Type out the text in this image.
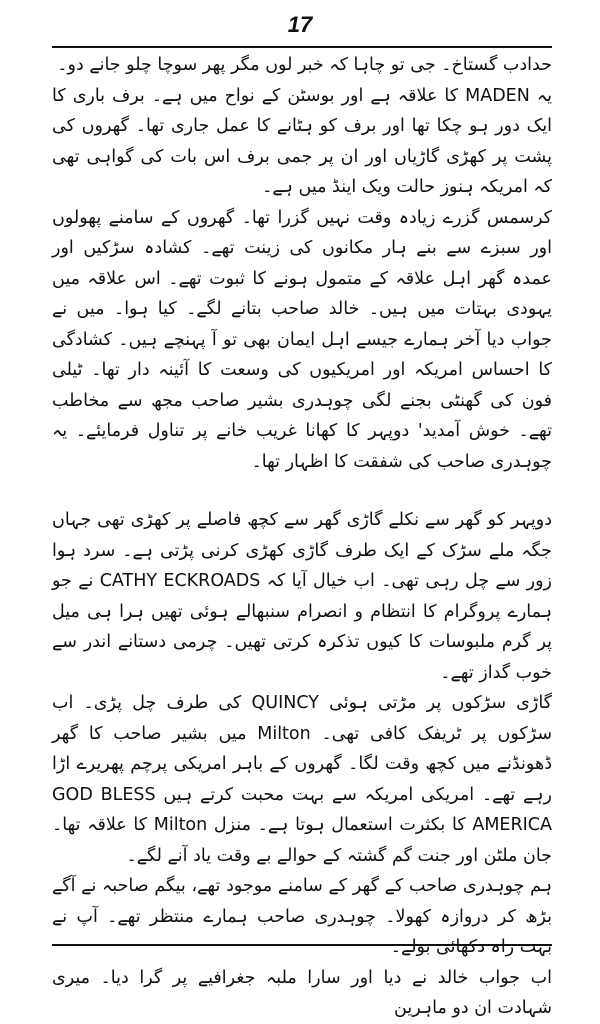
17

حدادب گستاخ۔ جی تو چاہا کہ خبر لوں مگر پھر سوچا چلو جانے دو۔

یہ MADEN کا علاقہ ہے اور بوسٹن کے نواح میں ہے۔ برف باری کا ایک دور ہو چکا تھا اور برف کو ہٹانے کا عمل جاری تھا۔ گھروں کی پشت پر کھڑی گاڑیاں اور ان پر جمی برف اس بات کی گواہی تھی کہ امریکہ ہنوز حالت ویک اینڈ میں ہے۔

کرسمس گزرے زیادہ وقت نہیں گزرا تھا۔ گھروں کے سامنے پھولوں اور سبزے سے بنے ہار مکانوں کی زینت تھے۔ کشادہ سڑکیں اور عمدہ گھر اہل علاقہ کے متمول ہونے کا ثبوت تھے۔ اس علاقہ میں یہودی بہتات میں ہیں۔ خالد صاحب بتانے لگے۔ کیا ہوا۔ میں نے جواب دیا آخر ہمارے جیسے اہل ایمان بھی تو آ پہنچے ہیں۔ کشادگی کا احساس امریکہ اور امریکیوں کی وسعت کا آئینہ دار تھا۔ ٹیلی فون کی گھنٹی بجنے لگی چوہدری بشیر صاحب مجھ سے مخاطب تھے۔ خوش آمدید' دوپہر کا کھانا غریب خانے پر تناول فرمایئے۔ یہ چوہدری صاحب کی شفقت کا اظہار تھا۔

دوپہر کو گھر سے نکلے گاڑی گھر سے کچھ فاصلے پر کھڑی تھی جہاں جگہ ملے سڑک کے ایک طرف گاڑی کھڑی کرنی پڑتی ہے۔ سرد ہوا زور سے چل رہی تھی۔ اب خیال آیا کہ CATHY ECKROADS نے جو ہمارے پروگرام کا انتظام و انصرام سنبھالے ہوئی تھیں ہرا ہی میل پر گرم ملبوسات کا کیوں تذکرہ کرتی تھیں۔ چرمی دستانے اندر سے خوب گداز تھے۔

گاڑی سڑکوں پر مڑتی ہوئی QUINCY کی طرف چل پڑی۔ اب سڑکوں پر ٹریفک کافی تھی۔ Milton میں بشیر صاحب کا گھر ڈھونڈنے میں کچھ وقت لگا۔ گھروں کے باہر امریکی پرچم پھریرے اڑا رہے تھے۔ امریکی امریکہ سے بہت محبت کرتے ہیں GOD BLESS AMERICA کا بکثرت استعمال ہوتا ہے۔ منزل Milton کا علاقہ تھا۔ جان ملٹن اور جنت گم گشتہ کے حوالے بے وقت یاد آنے لگے۔

ہم چوہدری صاحب کے گھر کے سامنے موجود تھے، بیگم صاحبہ نے آگے بڑھ کر دروازہ کھولا۔ چوہدری صاحب ہمارے منتظر تھے۔ آپ نے بہت راہ دکھائی بولے۔

اب جواب خالد نے دیا اور سارا ملبہ جغرافیے پر گرا دیا۔ میری شہادت ان دو ماہرین
